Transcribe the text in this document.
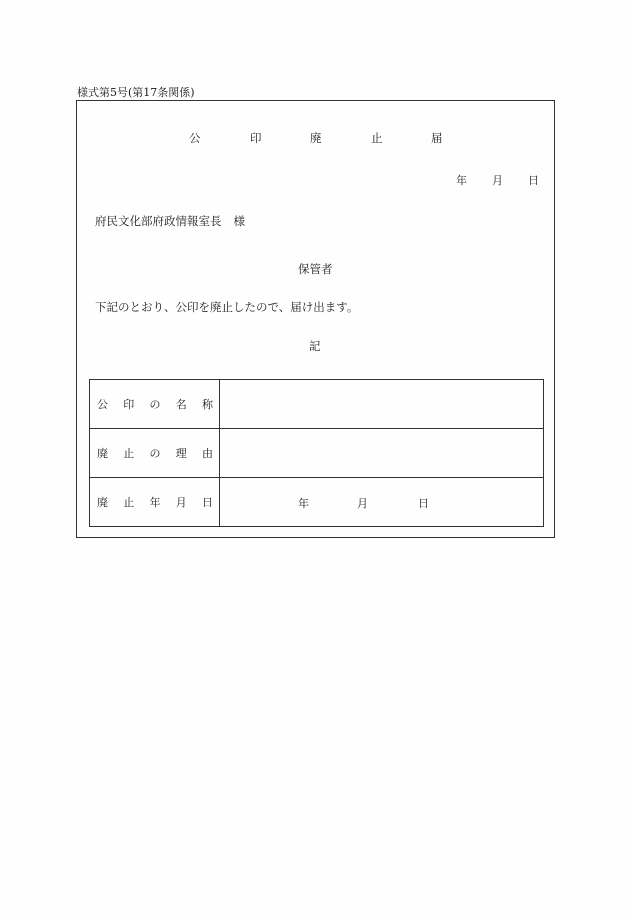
様式第5号(第17条関係)
公	印	廃	止	届
年 月 日
府民文化部府政情報室長 様
保管者
下記のとおり、公印を廃止したので、届け出ます。
記
公 印 の 名 称	

廃 止 の 理 由	

廃 止 年 月 日	年 月 日
